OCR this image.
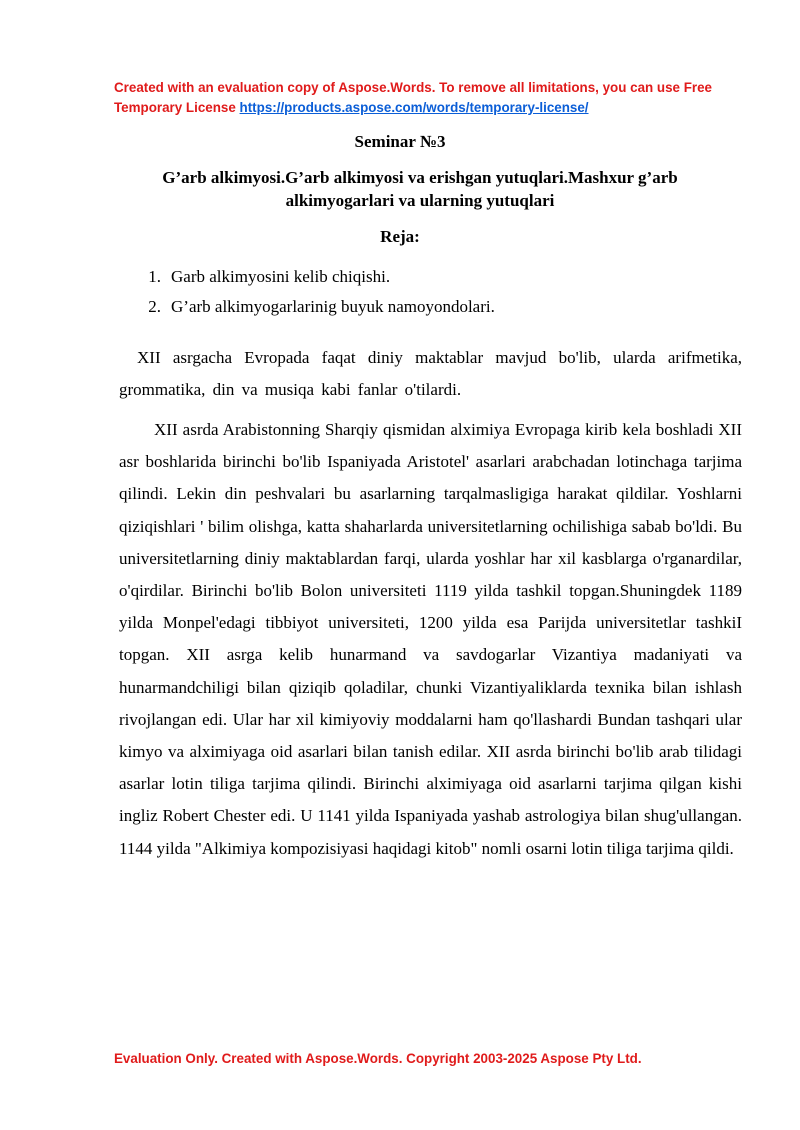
Created with an evaluation copy of Aspose.Words. To remove all limitations, you can use Free Temporary License https://products.aspose.com/words/temporary-license/
Seminar №3
G’arb alkimyosi.G’arb alkimyosi va erishgan yutuqlari.Mashxur g’arb alkimyogarlari va ularning yutuqlari
Reja:
1. Garb alkimyosini kelib chiqishi.
2. G’arb alkimyogarlarinig buyuk namoyondolari.

XII asrgacha Evropada faqat diniy maktablar mavjud bo'lib, ularda arifmetika, grommatika, din va musiqa kabi fanlar o'tilardi.

XII asrda Arabistonning Sharqiy qismidan alximiya Evropaga kirib kela boshladi XII asr boshlarida birinchi bo'lib Ispaniyada Aristotel' asarlari arabchadan lotinchaga tarjima qilindi. Lekin din peshvalari bu asarlarning tarqalmasligiga harakat qildilar. Yoshlarni qiziqishlari ' bilim olishga, katta shaharlarda universitetlarning ochilishiga sabab bo'ldi. Bu universitetlarning diniy maktablardan farqi, ularda yoshlar har xil kasblarga o'rganardilar, o'qirdilar. Birinchi bo'lib Bolon universiteti 1119 yilda tashkil topgan.Shuningdek 1189 yilda Monpel'edagi tibbiyot universiteti, 1200 yilda esa Parijda universitetlar tashkiI topgan. XII asrga kelib hunarmand va savdogarlar Vizantiya madaniyati va hunarmandchiligi bilan qiziqib qoladilar, chunki Vizantiyaliklarda texnika bilan ishlash rivojlangan edi. Ular har xil kimiyoviy moddalarni ham qo'llashardi Bundan tashqari ular kimyo va alximiyaga oid asarlari bilan tanish edilar. XII asrda birinchi bo'lib arab tilidagi asarlar lotin tiliga tarjima qilindi. Birinchi alximiyaga oid asarlarni tarjima qilgan kishi ingliz Robert Chester edi. U 1141 yilda Ispaniyada yashab astrologiya bilan shug'ullangan. 1144 yilda "Alkimiya kompozisiyasi haqidagi kitob" nomli osarni lotin tiliga tarjima qildi.

Evaluation Only. Created with Aspose.Words. Copyright 2003-2025 Aspose Pty Ltd.
